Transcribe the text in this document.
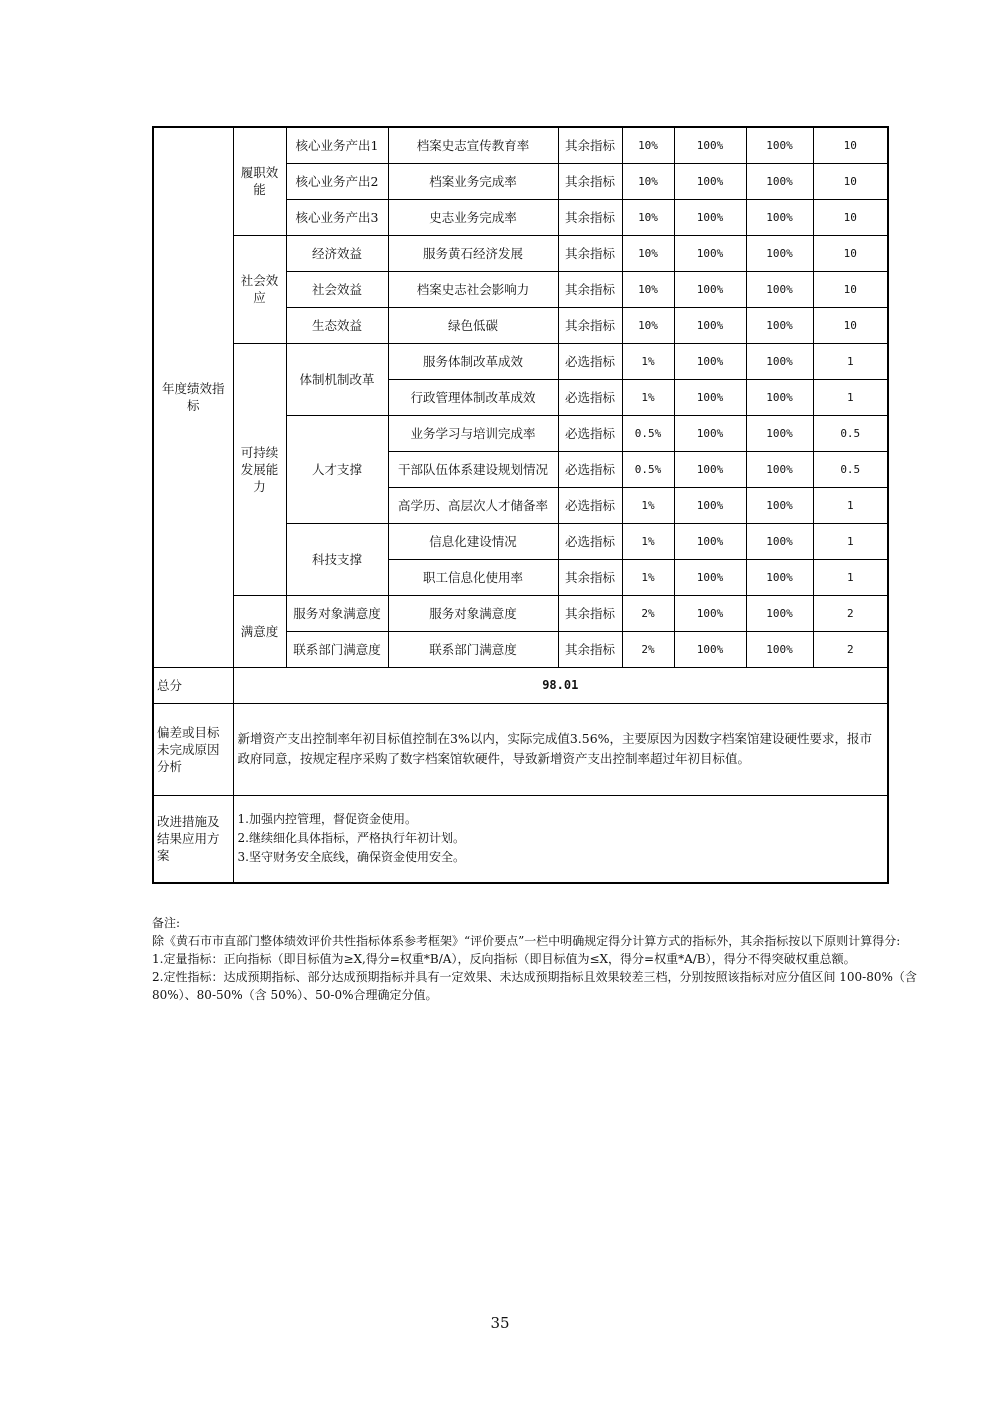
年度绩效指标	履职效能	核心业务产出1	档案史志宣传教育率	其余指标	10%	100%	100%	10
		核心业务产出2	档案业务完成率	其余指标	10%	100%	100%	10
		核心业务产出3	史志业务完成率	其余指标	10%	100%	100%	10
	社会效应	经济效益	服务黄石经济发展	其余指标	10%	100%	100%	10
		社会效益	档案史志社会影响力	其余指标	10%	100%	100%	10
		生态效益	绿色低碳	其余指标	10%	100%	100%	10
	可持续发展能力	体制机制改革	服务体制改革成效	必选指标	1%	100%	100%	1
			行政管理体制改革成效	必选指标	1%	100%	100%	1
		人才支撑	业务学习与培训完成率	必选指标	0.5%	100%	100%	0.5
			干部队伍体系建设规划情况	必选指标	0.5%	100%	100%	0.5
			高学历、高层次人才储备率	必选指标	1%	100%	100%	1
		科技支撑	信息化建设情况	必选指标	1%	100%	100%	1
			职工信息化使用率	其余指标	1%	100%	100%	1
	满意度	服务对象满意度	服务对象满意度	其余指标	2%	100%	100%	2
		联系部门满意度	联系部门满意度	其余指标	2%	100%	100%	2
总分	98.01							
偏差或目标未完成原因分析	新增资产支出控制率年初目标值控制在3%以内，实际完成值3.56%，主要原因为因数字档案馆建设硬性要求，报市政府同意，按规定程序采购了数字档案馆软硬件，导致新增资产支出控制率超过年初目标值。							
改进措施及结果应用方案	1.加强内控管理，督促资金使用。
2.继续细化具体指标，严格执行年初计划。
3.坚守财务安全底线，确保资金使用安全。							
备注:
除《黄石市市直部门整体绩效评价共性指标体系参考框架》“评价要点”一栏中明确规定得分计算方式的指标外，其余指标按以下原则计算得分:
1.定量指标：正向指标（即目标值为≥X,得分=权重*B/A），反向指标（即目标值为≤X，得分=权重*A/B），得分不得突破权重总额。
2.定性指标：达成预期指标、部分达成预期指标并具有一定效果、未达成预期指标且效果较差三档，分别按照该指标对应分值区间 100-80%（含
80%）、80-50%（含 50%）、50-0%合理确定分值。
35
